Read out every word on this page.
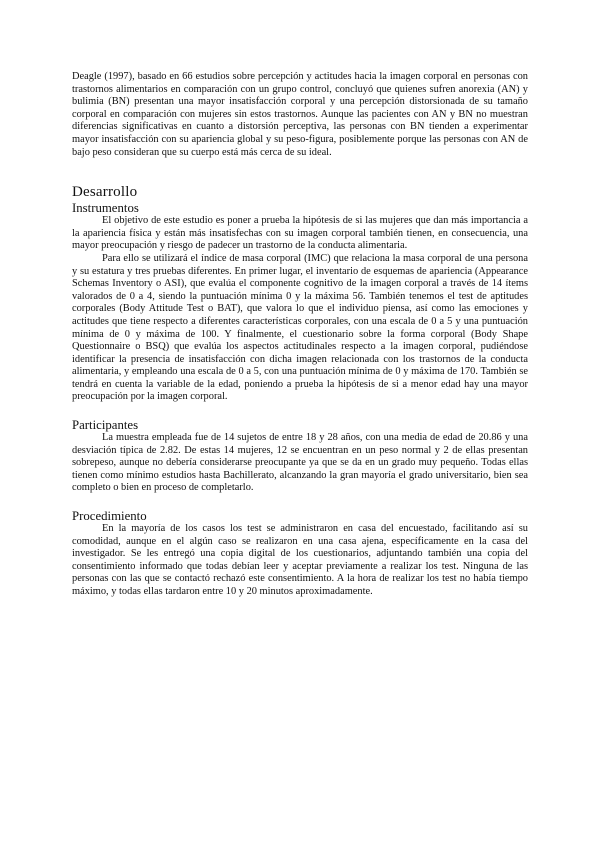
Deagle (1997), basado en 66 estudios sobre percepción y actitudes hacia la imagen corporal en personas con trastornos alimentarios en comparación con un grupo control, concluyó que quienes sufren anorexia (AN) y bulimia (BN) presentan una mayor insatisfacción corporal y una percepción distorsionada de su tamaño corporal en comparación con mujeres sin estos trastornos. Aunque las pacientes con AN y BN no muestran diferencias significativas en cuanto a distorsión perceptiva, las personas con BN tienden a experimentar mayor insatisfacción con su apariencia global y su peso-figura, posiblemente porque las personas con AN de bajo peso consideran que su cuerpo está más cerca de su ideal.

Desarrollo
Instrumentos

El objetivo de este estudio es poner a prueba la hipótesis de si las mujeres que dan más importancia a la apariencia física y están más insatisfechas con su imagen corporal también tienen, en consecuencia, una mayor preocupación y riesgo de padecer un trastorno de la conducta alimentaria.

Para ello se utilizará el índice de masa corporal (IMC) que relaciona la masa corporal de una persona y su estatura y tres pruebas diferentes. En primer lugar, el inventario de esquemas de apariencia (Appearance Schemas Inventory o ASI), que evalúa el componente cognitivo de la imagen corporal a través de 14 ítems valorados de 0 a 4, siendo la puntuación mínima 0 y la máxima 56. También tenemos el test de aptitudes corporales (Body Attitude Test o BAT), que valora lo que el individuo piensa, así como las emociones y actitudes que tiene respecto a diferentes características corporales, con una escala de 0 a 5 y una puntuación mínima de 0 y máxima de 100. Y finalmente, el cuestionario sobre la forma corporal (Body Shape Questionnaire o BSQ) que evalúa los aspectos actitudinales respecto a la imagen corporal, pudiéndose identificar la presencia de insatisfacción con dicha imagen relacionada con los trastornos de la conducta alimentaria, y empleando una escala de 0 a 5, con una puntuación mínima de 0 y máxima de 170. También se tendrá en cuenta la variable de la edad, poniendo a prueba la hipótesis de si a menor edad hay una mayor preocupación por la imagen corporal.

Participantes

La muestra empleada fue de 14 sujetos de entre 18 y 28 años, con una media de edad de 20.86 y una desviación típica de 2.82. De estas 14 mujeres, 12 se encuentran en un peso normal y 2 de ellas presentan sobrepeso, aunque no debería considerarse preocupante ya que se da en un grado muy pequeño. Todas ellas tienen como mínimo estudios hasta Bachillerato, alcanzando la gran mayoría el grado universitario, bien sea completo o bien en proceso de completarlo.

Procedimiento

En la mayoría de los casos los test se administraron en casa del encuestado, facilitando así su comodidad, aunque en el algún caso se realizaron en una casa ajena, específicamente en la casa del investigador. Se les entregó una copia digital de los cuestionarios, adjuntando también una copia del consentimiento informado que todas debían leer y aceptar previamente a realizar los test. Ninguna de las personas con las que se contactó rechazó este consentimiento. A la hora de realizar los test no había tiempo máximo, y todas ellas tardaron entre 10 y 20 minutos aproximadamente.
